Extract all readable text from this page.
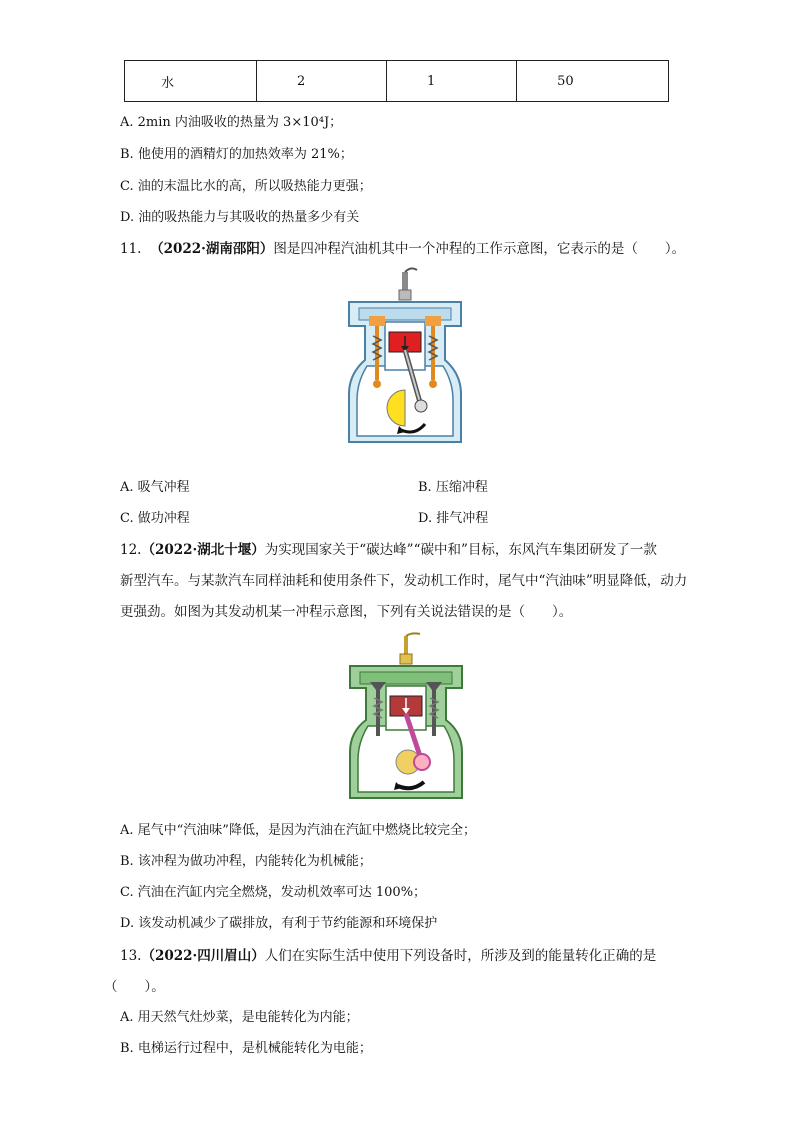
水	2	1	50
A. 2min 内油吸收的热量为 3×10⁴J；
B. 他使用的酒精灯的加热效率为 21%；
C. 油的末温比水的高，所以吸热能力更强；
D. 油的吸热能力与其吸收的热量多少有关
11. （2022·湖南邵阳）图是四冲程汽油机其中一个冲程的工作示意图，它表示的是（　　）。
A. 吸气冲程	B. 压缩冲程
C. 做功冲程	D. 排气冲程
12.（2022·湖北十堰）为实现国家关于“碳达峰”“碳中和”目标，东风汽车集团研发了一款
新型汽车。与某款汽车同样油耗和使用条件下，发动机工作时，尾气中“汽油味”明显降低，动力
更强劲。如图为其发动机某一冲程示意图，下列有关说法错误的是（　　）。
A. 尾气中“汽油味”降低，是因为汽油在汽缸中燃烧比较完全；
B. 该冲程为做功冲程，内能转化为机械能；
C. 汽油在汽缸内完全燃烧，发动机效率可达 100%；
D. 该发动机减少了碳排放，有利于节约能源和环境保护
13.（2022·四川眉山）人们在实际生活中使用下列设备时，所涉及到的能量转化正确的是
（　　）。
A. 用天然气灶炒菜，是电能转化为内能；
B. 电梯运行过程中，是机械能转化为电能；
